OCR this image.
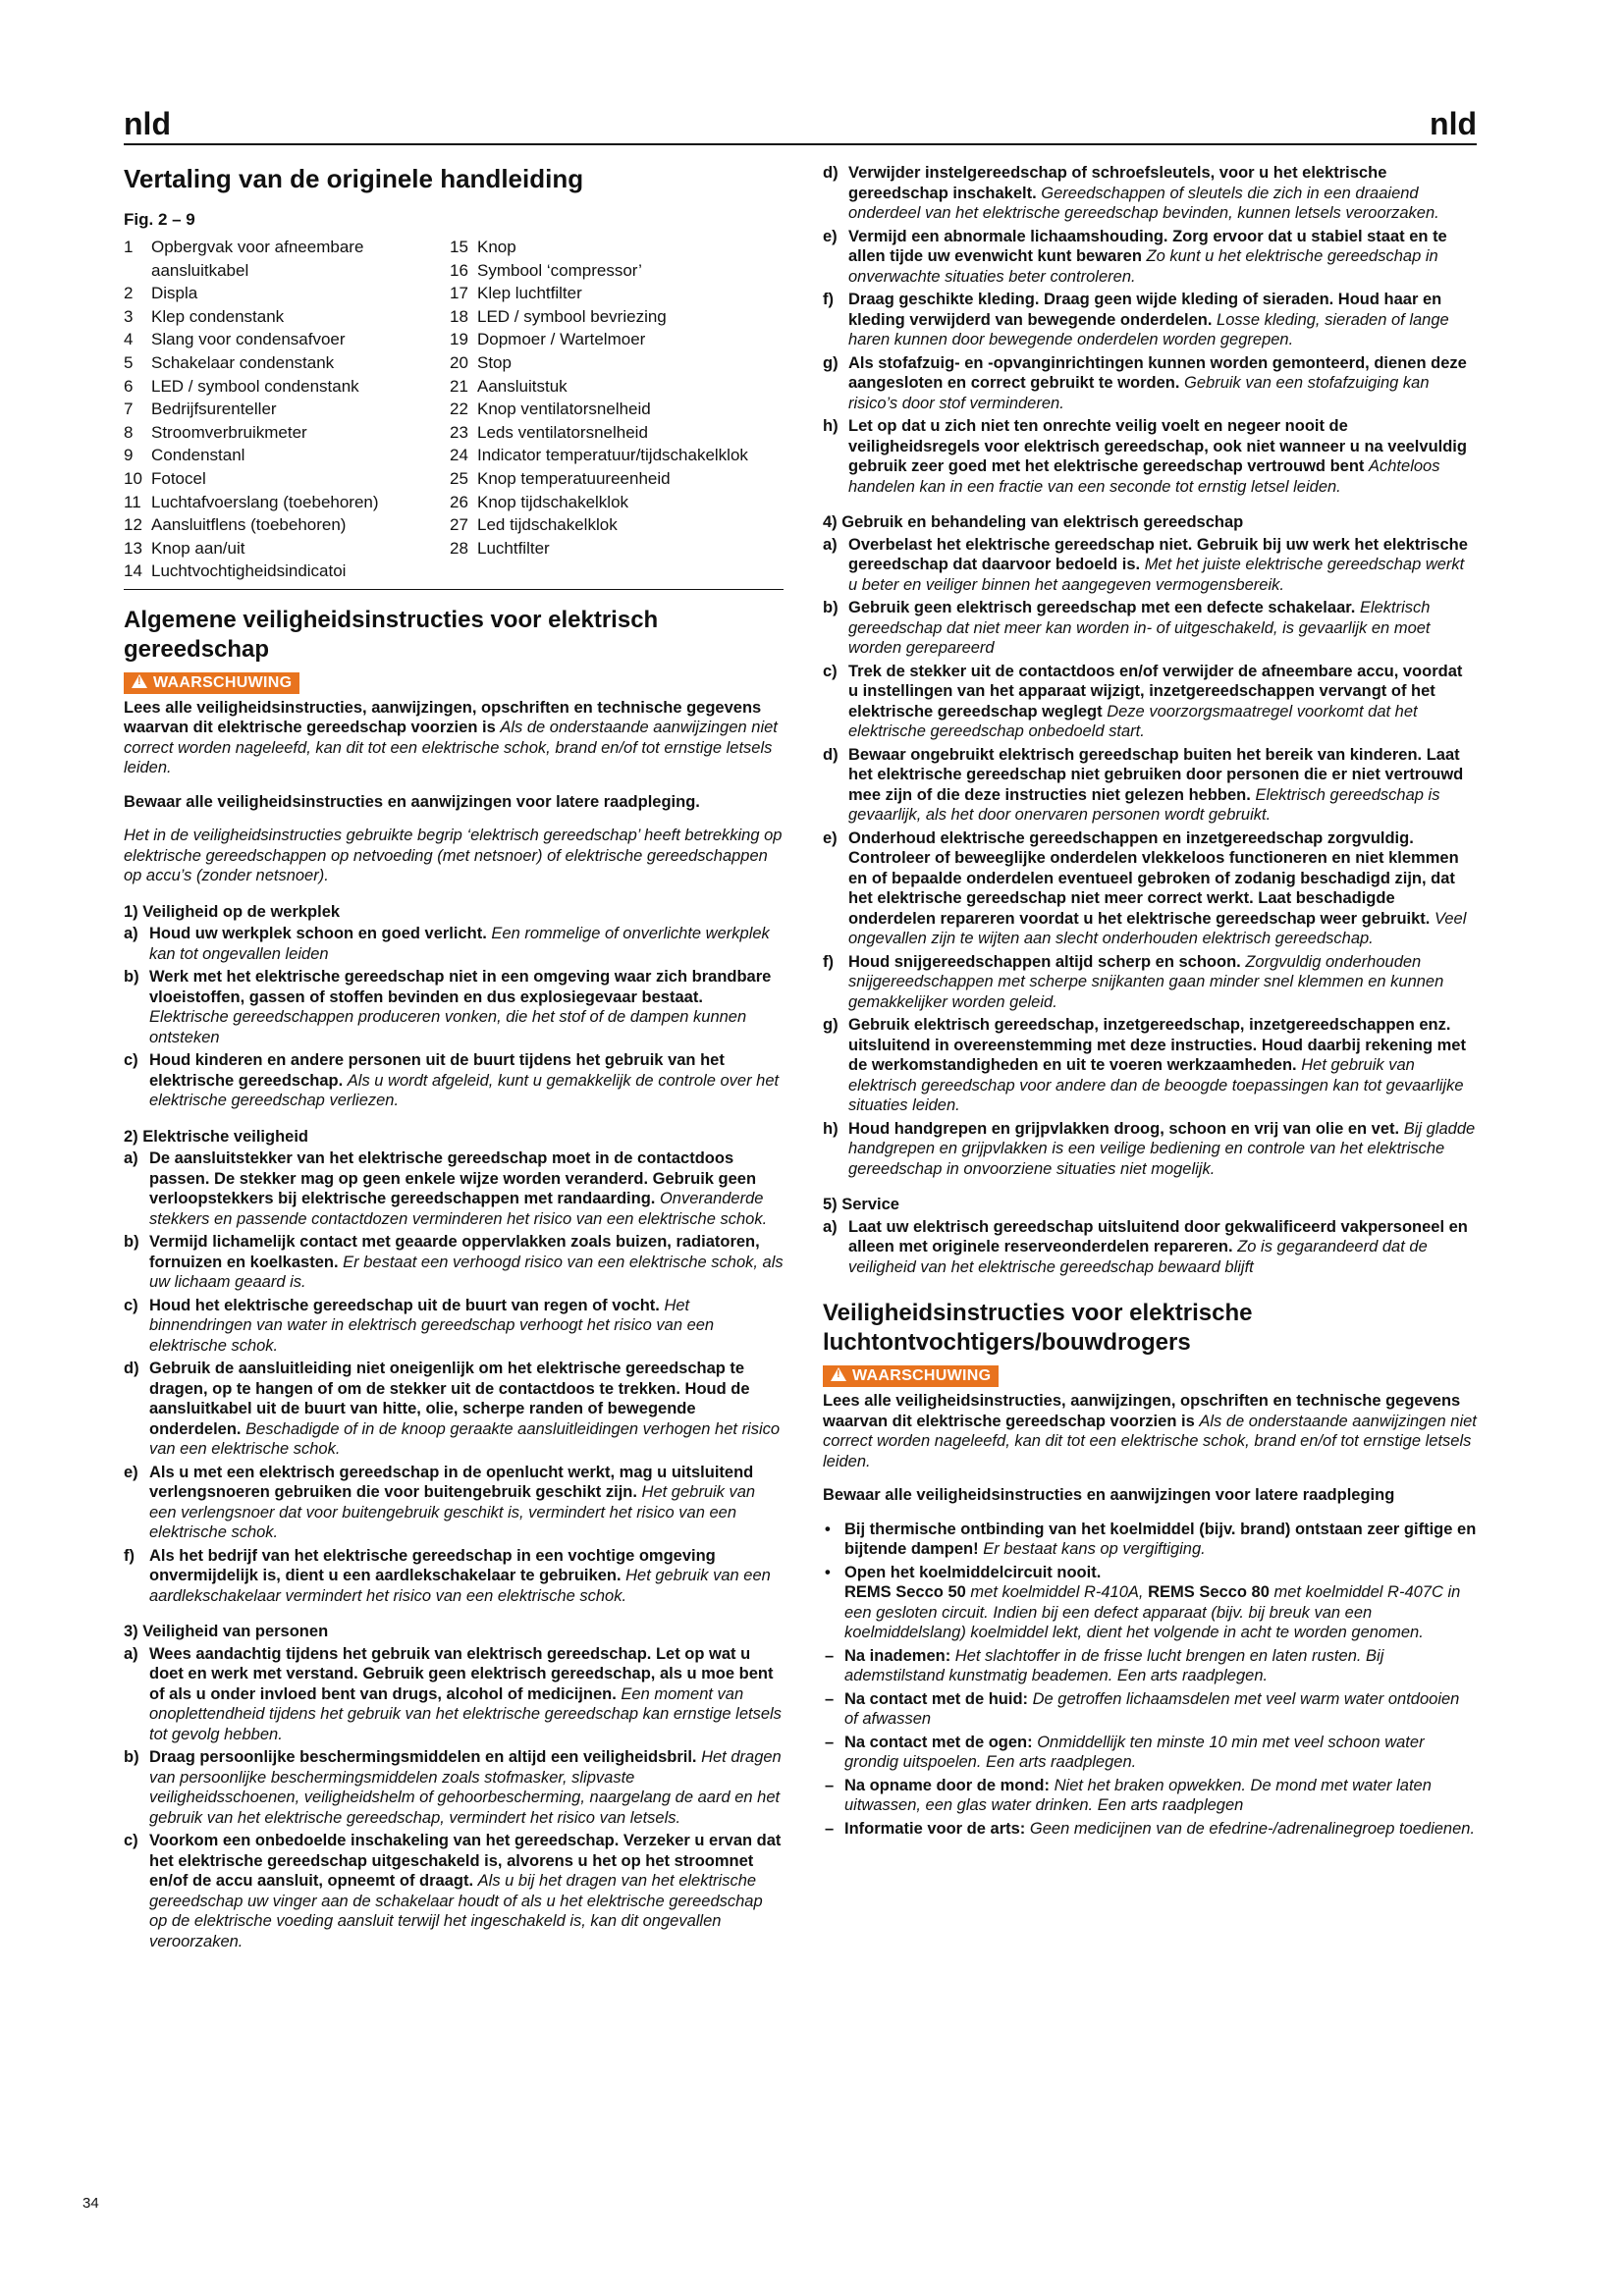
nld	nld
Vertaling van de originele handleiding
Fig. 2 – 9
1 Opbergvak voor afneembare
aansluitkabel
2 Displa
3 Klep condenstank
4 Slang voor condensafvoer
5 Schakelaar condenstank
6 LED / symbool condenstank
7 Bedrijfsurenteller
8 Stroomverbruikmeter
9 Condenstanl
10 Fotocel
11 Luchtafvoerslang (toebehoren)
12 Aansluitflens (toebehoren)
13 Knop aan/uit
14 Luchtvochtigheidsindicatoi
15 Knop
16 Symbool ‘compressor’
17 Klep luchtfilter
18 LED / symbool bevriezing
19 Dopmoer / Wartelmoer
20 Stop
21 Aansluitstuk
22 Knop ventilatorsnelheid
23 Leds ventilatorsnelheid
24 Indicator temperatuur/tijdschakelklok
25 Knop temperatuureenheid
26 Knop tijdschakelklok
27 Led tijdschakelklok
28 Luchtfilter
Algemene veiligheidsinstructies voor elektrisch gereedschap
!WAARSCHUWING

Lees alle veiligheidsinstructies, aanwijzingen, opschriften en technische gegevens waarvan dit elektrische gereedschap voorzien is Als de onderstaande aanwijzingen niet correct worden nageleefd, kan dit tot een elektrische schok, brand en/of tot ernstige letsels leiden.

Bewaar alle veiligheidsinstructies en aanwijzingen voor latere raadpleging.

Het in de veiligheidsinstructies gebruikte begrip ‘elektrisch gereedschap’ heeft betrekking op elektrische gereedschappen op netvoeding (met netsnoer) of elektrische gereedschappen op accu’s (zonder netsnoer).

1) Veiligheid op de werkplek
a) Houd uw werkplek schoon en goed verlicht. Een rommelige of onverlichte werkplek kan tot ongevallen leiden
b) Werk met het elektrische gereedschap niet in een omgeving waar zich brandbare vloeistoffen, gassen of stoffen bevinden en dus explosiegevaar bestaat. Elektrische gereedschappen produceren vonken, die het stof of de dampen kunnen ontsteken
c) Houd kinderen en andere personen uit de buurt tijdens het gebruik van het elektrische gereedschap. Als u wordt afgeleid, kunt u gemakkelijk de controle over het elektrische gereedschap verliezen.
2) Elektrische veiligheid
a) De aansluitstekker van het elektrische gereedschap moet in de contactdoos passen. De stekker mag op geen enkele wijze worden veranderd. Gebruik geen verloopstekkers bij elektrische gereedschappen met randaarding. Onveranderde stekkers en passende contactdozen verminderen het risico van een elektrische schok.
b) Vermijd lichamelijk contact met geaarde oppervlakken zoals buizen, radiatoren, fornuizen en koelkasten. Er bestaat een verhoogd risico van een elektrische schok, als uw lichaam geaard is.
c) Houd het elektrische gereedschap uit de buurt van regen of vocht. Het binnendringen van water in elektrisch gereedschap verhoogt het risico van een elektrische schok.
d) Gebruik de aansluitleiding niet oneigenlijk om het elektrische gereedschap te dragen, op te hangen of om de stekker uit de contactdoos te trekken. Houd de aansluitkabel uit de buurt van hitte, olie, scherpe randen of bewegende onderdelen. Beschadigde of in de knoop geraakte aansluitleidingen verhogen het risico van een elektrische schok.
e) Als u met een elektrisch gereedschap in de openlucht werkt, mag u uitsluitend verlengsnoeren gebruiken die voor buitengebruik geschikt zijn. Het gebruik van een verlengsnoer dat voor buitengebruik geschikt is, vermindert het risico van een elektrische schok.
f) Als het bedrijf van het elektrische gereedschap in een vochtige omgeving onvermijdelijk is, dient u een aardlekschakelaar te gebruiken. Het gebruik van een aardlekschakelaar vermindert het risico van een elektrische schok.
3) Veiligheid van personen
a) Wees aandachtig tijdens het gebruik van elektrisch gereedschap. Let op wat u doet en werk met verstand. Gebruik geen elektrisch gereedschap, als u moe bent of als u onder invloed bent van drugs, alcohol of medicijnen. Een moment van onoplettendheid tijdens het gebruik van het elektrische gereedschap kan ernstige letsels tot gevolg hebben.
b) Draag persoonlijke beschermingsmiddelen en altijd een veiligheidsbril. Het dragen van persoonlijke beschermingsmiddelen zoals stofmasker, slipvaste veiligheidsschoenen, veiligheidshelm of gehoorbescherming, naargelang de aard en het gebruik van het elektrische gereedschap, vermindert het risico van letsels.
c) Voorkom een onbedoelde inschakeling van het gereedschap. Verzeker u ervan dat het elektrische gereedschap uitgeschakeld is, alvorens u het op het stroomnet en/of de accu aansluit, opneemt of draagt. Als u bij het dragen van het elektrische gereedschap uw vinger aan de schakelaar houdt of als u het elektrische gereedschap op de elektrische voeding aansluit terwijl het ingeschakeld is, kan dit ongevallen veroorzaken.
d) Verwijder instelgereedschap of schroefsleutels, voor u het elektrische gereedschap inschakelt. Gereedschappen of sleutels die zich in een draaiend onderdeel van het elektrische gereedschap bevinden, kunnen letsels veroorzaken.
e) Vermijd een abnormale lichaamshouding. Zorg ervoor dat u stabiel staat en te allen tijde uw evenwicht kunt bewaren Zo kunt u het elektrische gereedschap in onverwachte situaties beter controleren.
f) Draag geschikte kleding. Draag geen wijde kleding of sieraden. Houd haar en kleding verwijderd van bewegende onderdelen. Losse kleding, sieraden of lange haren kunnen door bewegende onderdelen worden gegrepen.
g) Als stofafzuig- en -opvanginrichtingen kunnen worden gemonteerd, dienen deze aangesloten en correct gebruikt te worden. Gebruik van een stofafzuiging kan risico’s door stof verminderen.
h) Let op dat u zich niet ten onrechte veilig voelt en negeer nooit de veiligheidsregels voor elektrisch gereedschap, ook niet wanneer u na veelvuldig gebruik zeer goed met het elektrische gereedschap vertrouwd bent Achteloos handelen kan in een fractie van een seconde tot ernstig letsel leiden.
4) Gebruik en behandeling van elektrisch gereedschap
a) Overbelast het elektrische gereedschap niet. Gebruik bij uw werk het elektrische gereedschap dat daarvoor bedoeld is. Met het juiste elektrische gereedschap werkt u beter en veiliger binnen het aangegeven vermogensbereik.
b) Gebruik geen elektrisch gereedschap met een defecte schakelaar. Elektrisch gereedschap dat niet meer kan worden in- of uitgeschakeld, is gevaarlijk en moet worden gerepareerd
c) Trek de stekker uit de contactdoos en/of verwijder de afneembare accu, voordat u instellingen van het apparaat wijzigt, inzetgereedschappen vervangt of het elektrische gereedschap weglegt Deze voorzorgsmaatregel voorkomt dat het elektrische gereedschap onbedoeld start.
d) Bewaar ongebruikt elektrisch gereedschap buiten het bereik van kinderen. Laat het elektrische gereedschap niet gebruiken door personen die er niet vertrouwd mee zijn of die deze instructies niet gelezen hebben. Elektrisch gereedschap is gevaarlijk, als het door onervaren personen wordt gebruikt.
e) Onderhoud elektrische gereedschappen en inzetgereedschap zorgvuldig. Controleer of beweeglijke onderdelen vlekkeloos functioneren en niet klemmen en of bepaalde onderdelen eventueel gebroken of zodanig beschadigd zijn, dat het elektrische gereedschap niet meer correct werkt. Laat beschadigde onderdelen repareren voordat u het elektrische gereedschap weer gebruikt. Veel ongevallen zijn te wijten aan slecht onderhouden elektrisch gereedschap.
f) Houd snijgereedschappen altijd scherp en schoon. Zorgvuldig onderhouden snijgereedschappen met scherpe snijkanten gaan minder snel klemmen en kunnen gemakkelijker worden geleid.
g) Gebruik elektrisch gereedschap, inzetgereedschap, inzetgereedschappen enz. uitsluitend in overeenstemming met deze instructies. Houd daarbij rekening met de werkomstandigheden en uit te voeren werkzaamheden. Het gebruik van elektrisch gereedschap voor andere dan de beoogde toepassingen kan tot gevaarlijke situaties leiden.
h) Houd handgrepen en grijpvlakken droog, schoon en vrij van olie en vet. Bij gladde handgrepen en grijpvlakken is een veilige bediening en controle van het elektrische gereedschap in onvoorziene situaties niet mogelijk.
5) Service
a) Laat uw elektrisch gereedschap uitsluitend door gekwalificeerd vakpersoneel en alleen met originele reserveonderdelen repareren. Zo is gegarandeerd dat de veiligheid van het elektrische gereedschap bewaard blijft
Veiligheidsinstructies voor elektrische luchtontvochtigers/bouwdrogers
!WAARSCHUWING

Lees alle veiligheidsinstructies, aanwijzingen, opschriften en technische gegevens waarvan dit elektrische gereedschap voorzien is Als de onderstaande aanwijzingen niet correct worden nageleefd, kan dit tot een elektrische schok, brand en/of tot ernstige letsels leiden.

Bewaar alle veiligheidsinstructies en aanwijzingen voor latere raadpleging

• Bij thermische ontbinding van het koelmiddel (bijv. brand) ontstaan zeer giftige en bijtende dampen! Er bestaat kans op vergiftiging.
• Open het koelmiddelcircuit nooit.
REMS Secco 50 met koelmiddel R-410A, REMS Secco 80 met koelmiddel R-407C in een gesloten circuit. Indien bij een defect apparaat (bijv. bij breuk van een koelmiddelslang) koelmiddel lekt, dient het volgende in acht te worden genomen.
– Na inademen: Het slachtoffer in de frisse lucht brengen en laten rusten. Bij ademstilstand kunstmatig beademen. Een arts raadplegen.
– Na contact met de huid: De getroffen lichaamsdelen met veel warm water ontdooien of afwassen
– Na contact met de ogen: Onmiddellijk ten minste 10 min met veel schoon water grondig uitspoelen. Een arts raadplegen.
– Na opname door de mond: Niet het braken opwekken. De mond met water laten uitwassen, een glas water drinken. Een arts raadplegen
– Informatie voor de arts: Geen medicijnen van de efedrine-/adrenalinegroep toedienen.
34
